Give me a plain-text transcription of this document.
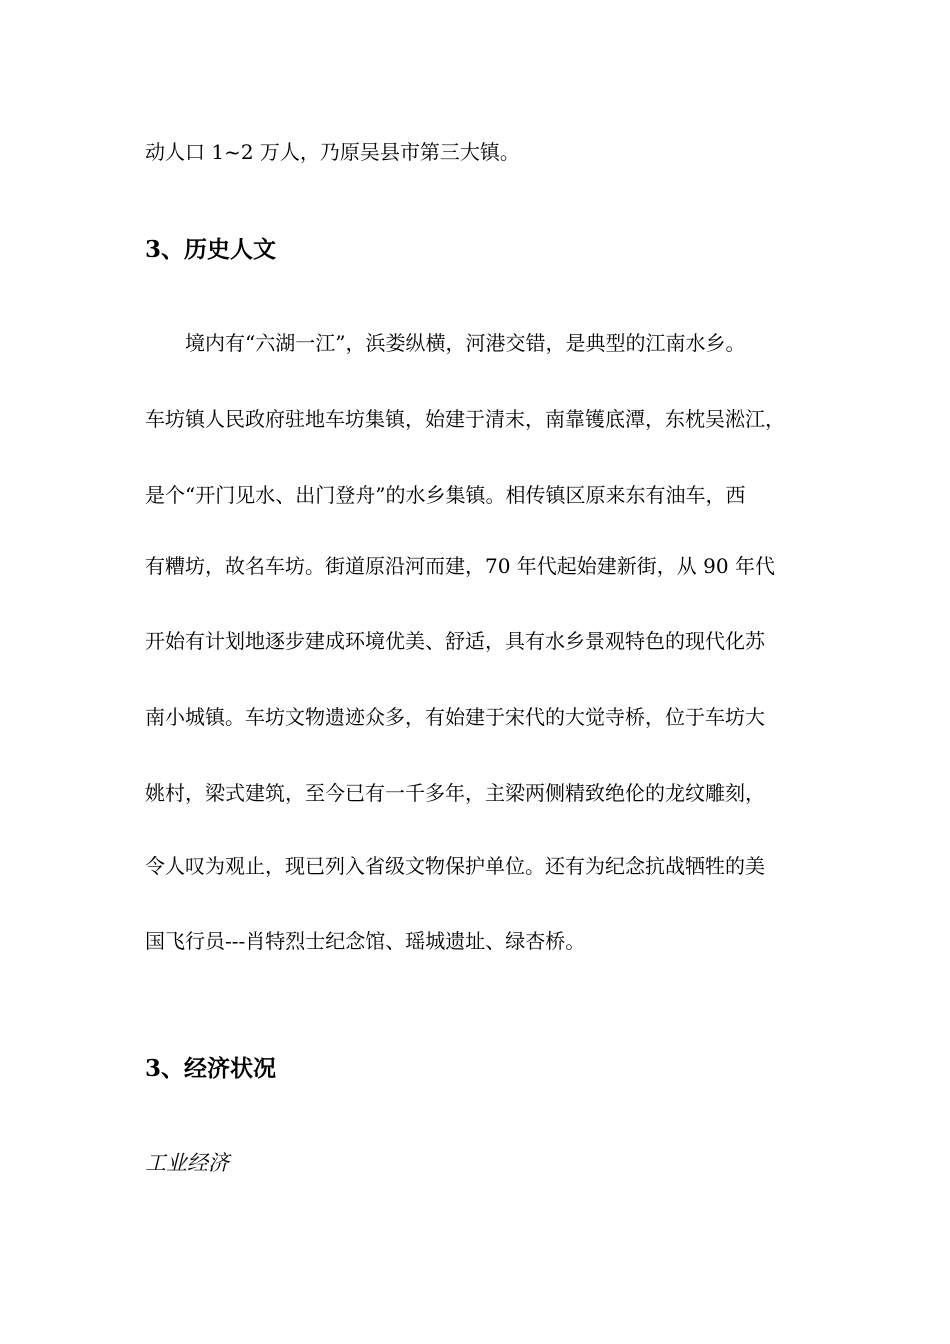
动人口 1~2 万人，乃原吴县市第三大镇。
3、历史人文
　　境内有“六湖一江”，浜娄纵横，河港交错，是典型的江南水乡。
车坊镇人民政府驻地车坊集镇，始建于清末，南靠镬底潭，东枕吴淞江，
是个“开门见水、出门登舟”的水乡集镇。相传镇区原来东有油车，西
有糟坊，故名车坊。街道原沿河而建，70 年代起始建新街，从 90 年代
开始有计划地逐步建成环境优美、舒适，具有水乡景观特色的现代化苏
南小城镇。车坊文物遗迹众多，有始建于宋代的大觉寺桥，位于车坊大
姚村，梁式建筑，至今已有一千多年，主梁两侧精致绝伦的龙纹雕刻，
令人叹为观止，现已列入省级文物保护单位。还有为纪念抗战牺牲的美
国飞行员---肖特烈士纪念馆、瑶城遗址、绿杏桥。
3、经济状况
工业经济
